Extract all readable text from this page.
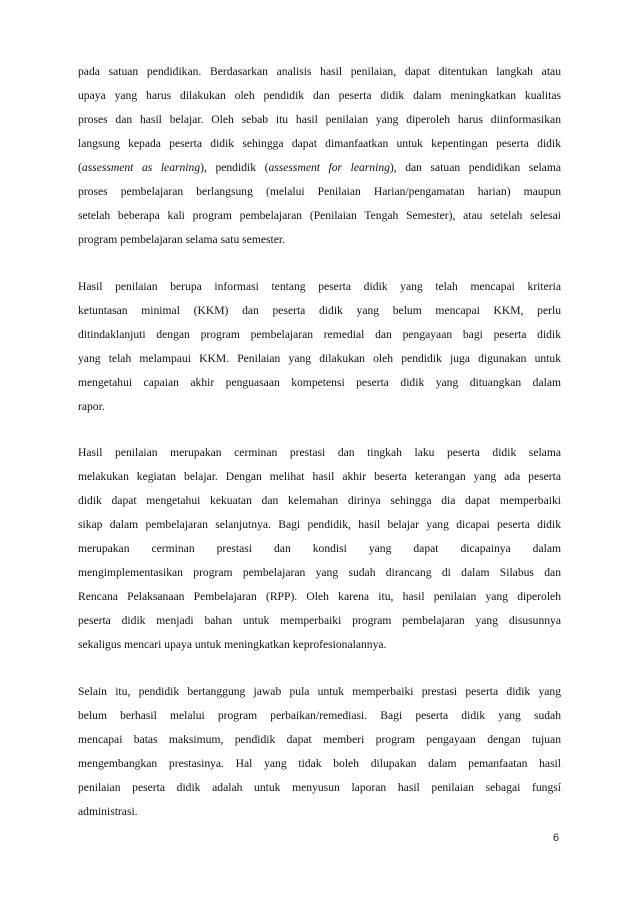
pada satuan pendidikan. Berdasarkan analisis hasil penilaian, dapat ditentukan langkah atau
upaya yang harus dilakukan oleh pendidik dan peserta didik dalam meningkatkan kualitas
proses dan hasil belajar. Oleh sebab itu hasil penilaian yang diperoleh harus diinformasikan
langsung kepada peserta didik sehingga dapat dimanfaatkan untuk kepentingan peserta didik
(assessment as learning), pendidik (assessment for learning), dan satuan pendidikan selama
proses pembelajaran berlangsung (melalui Penilaian Harian/pengamatan harian) maupun
setelah beberapa kali program pembelajaran (Penilaian Tengah Semester), atau setelah selesai
program pembelajaran selama satu semester.
Hasil penilaian berupa informasi tentang peserta didik yang telah mencapai kriteria
ketuntasan minimal (KKM) dan peserta didik yang belum mencapai KKM, perlu
ditindaklanjuti dengan program pembelajaran remedial dan pengayaan bagi peserta didik
yang telah melampaui KKM. Penilaian yang dilakukan oleh pendidik juga digunakan untuk
mengetahui capaian akhir penguasaan kompetensi peserta didik yang dituangkan dalam
rapor.
Hasil penilaian merupakan cerminan prestasi dan tingkah laku peserta didik selama
melakukan kegiatan belajar. Dengan melihat hasil akhir beserta keterangan yang ada peserta
didik dapat mengetahui kekuatan dan kelemahan dirinya sehingga dia dapat memperbaiki
sikap dalam pembelajaran selanjutnya. Bagi pendidik, hasil belajar yang dicapai peserta didik
merupakan cerminan prestasi dan kondisi yang dapat dicapainya dalam
mengimplementasikan program pembelajaran yang sudah dirancang di dalam Silabus dan
Rencana Pelaksanaan Pembelajaran (RPP). Oleh karena itu, hasil penilaian yang diperoleh
peserta didik menjadi bahan untuk memperbaiki program pembelajaran yang disusunnya
sekaligus mencari upaya untuk meningkatkan keprofesionalannya.
Selain itu, pendidik bertanggung jawab pula untuk memperbaiki prestasi peserta didik yang
belum berhasil melalui program perbaikan/remediasi. Bagi peserta didik yang sudah
mencapai batas maksimum, pendidik dapat memberi program pengayaan dengan tujuan
mengembangkan prestasinya. Hal yang tidak boleh dilupakan dalam pemanfaatan hasil
penilaian peserta didik adalah untuk menyusun laporan hasil penilaian sebagai fungsí
administrasi.
6
